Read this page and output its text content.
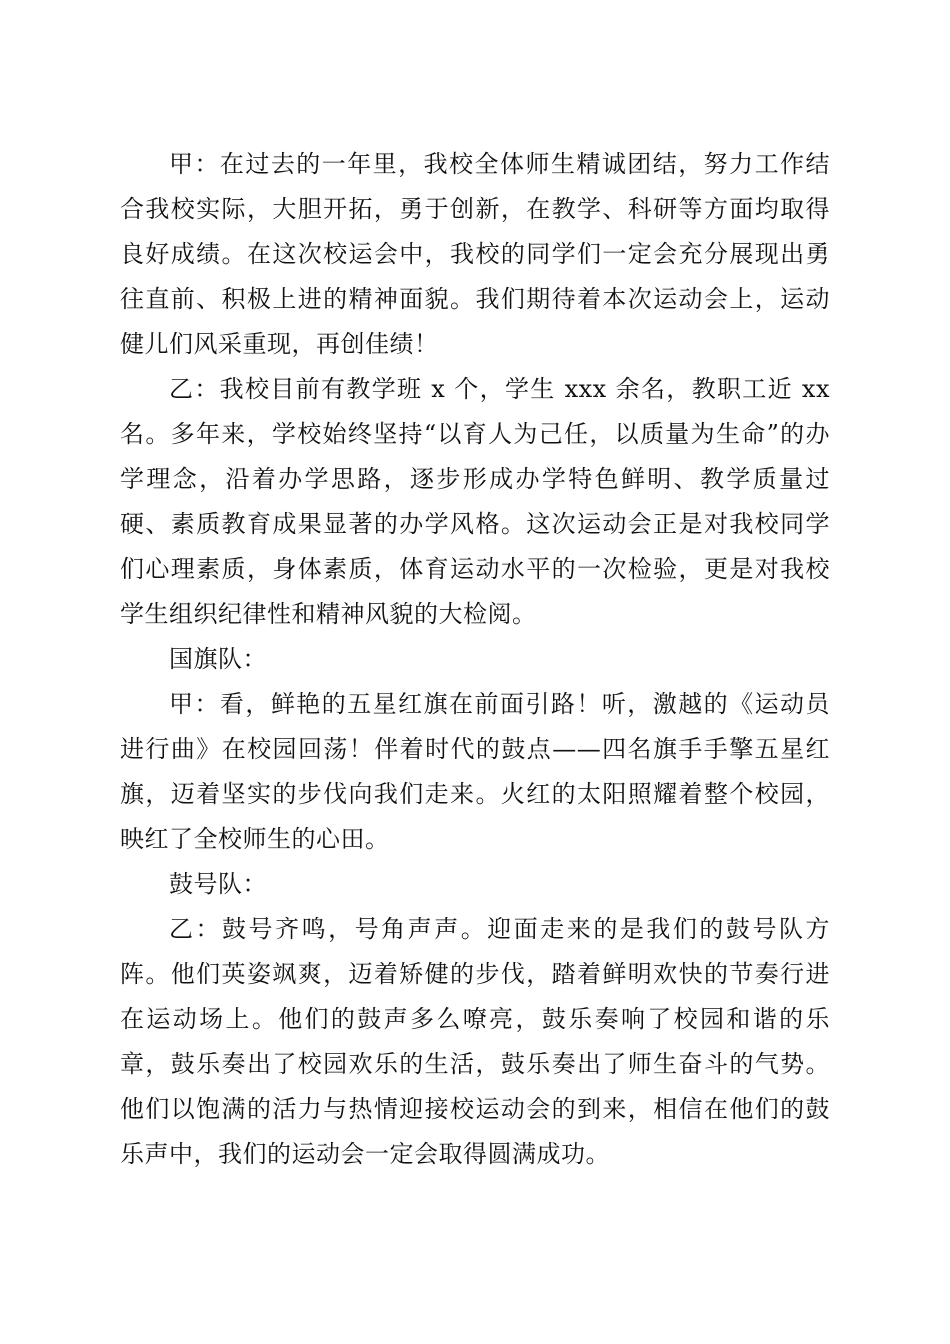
甲：在过去的一年里，我校全体师生精诚团结，努力工作结合我校实际，大胆开拓，勇于创新，在教学、科研等方面均取得良好成绩。在这次校运会中，我校的同学们一定会充分展现出勇往直前、积极上进的精神面貌。我们期待着本次运动会上，运动健儿们风采重现，再创佳绩！

乙：我校目前有教学班 x 个，学生 xxx 余名，教职工近 xx 名。多年来，学校始终坚持“以育人为己任，以质量为生命”的办学理念，沿着办学思路，逐步形成办学特色鲜明、教学质量过硬、素质教育成果显著的办学风格。这次运动会正是对我校同学们心理素质，身体素质，体育运动水平的一次检验，更是对我校学生组织纪律性和精神风貌的大检阅。

国旗队：

甲：看，鲜艳的五星红旗在前面引路！听，激越的《运动员进行曲》在校园回荡！伴着时代的鼓点——四名旗手手擎五星红旗，迈着坚实的步伐向我们走来。火红的太阳照耀着整个校园，映红了全校师生的心田。

鼓号队：

乙：鼓号齐鸣，号角声声。迎面走来的是我们的鼓号队方阵。他们英姿飒爽，迈着矫健的步伐，踏着鲜明欢快的节奏行进在运动场上。他们的鼓声多么嘹亮，鼓乐奏响了校园和谐的乐章，鼓乐奏出了校园欢乐的生活，鼓乐奏出了师生奋斗的气势。他们以饱满的活力与热情迎接校运动会的到来，相信在他们的鼓乐声中，我们的运动会一定会取得圆满成功。
